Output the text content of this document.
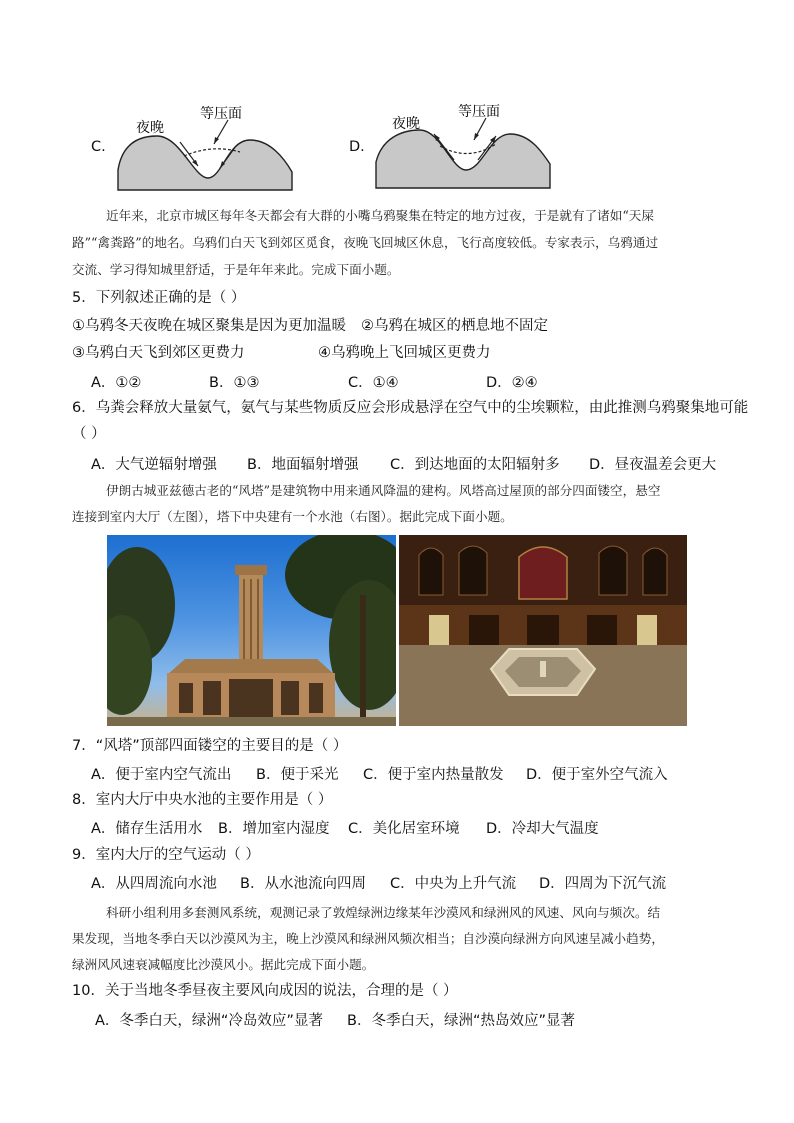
C.
夜晚
等压面
D.
夜晚
等压面
近年来，北京市城区每年冬天都会有大群的小嘴乌鸦聚集在特定的地方过夜，于是就有了诸如“天屎
路”“禽粪路”的地名。乌鸦们白天飞到郊区觅食，夜晚飞回城区休息，飞行高度较低。专家表示，乌鸦通过
交流、学习得知城里舒适，于是年年来此。完成下面小题。
5．下列叙述正确的是（ ）
①乌鸦冬天夜晚在城区聚集是因为更加温暖 ②乌鸦在城区的栖息地不固定
③乌鸦白天飞到郊区更费力	④乌鸦晚上飞回城区更费力
A．①②	B．①③	C．①④	D．②④
6．乌粪会释放大量氨气，氨气与某些物质反应会形成悬浮在空气中的尘埃颗粒，由此推测乌鸦聚集地可能
（ ）
A．大气逆辐射增强 B．地面辐射增强 C．到达地面的太阳辐射多 D．昼夜温差会更大
伊朗古城亚兹德古老的“风塔”是建筑物中用来通风降温的建构。风塔高过屋顶的部分四面镂空，悬空
连接到室内大厅（左图），塔下中央建有一个水池（右图）。据此完成下面小题。
7．“风塔”顶部四面镂空的主要目的是（ ）
A．便于室内空气流出 B．便于采光 C．便于室内热量散发 D．便于室外空气流入
8．室内大厅中央水池的主要作用是（ ）
A．储存生活用水 B．增加室内湿度 C．美化居室环境 D．冷却大气温度
9．室内大厅的空气运动（ ）
A．从四周流向水池 B．从水池流向四周 C．中央为上升气流 D．四周为下沉气流
科研小组利用多套测风系统，观测记录了敦煌绿洲边缘某年沙漠风和绿洲风的风速、风向与频次。结
果发现，当地冬季白天以沙漠风为主，晚上沙漠风和绿洲风频次相当；自沙漠向绿洲方向风速呈减小趋势，
绿洲风风速衰减幅度比沙漠风小。据此完成下面小题。
10．关于当地冬季昼夜主要风向成因的说法，合理的是（ ）
A．冬季白天，绿洲“冷岛效应”显著 B．冬季白天，绿洲“热岛效应”显著
